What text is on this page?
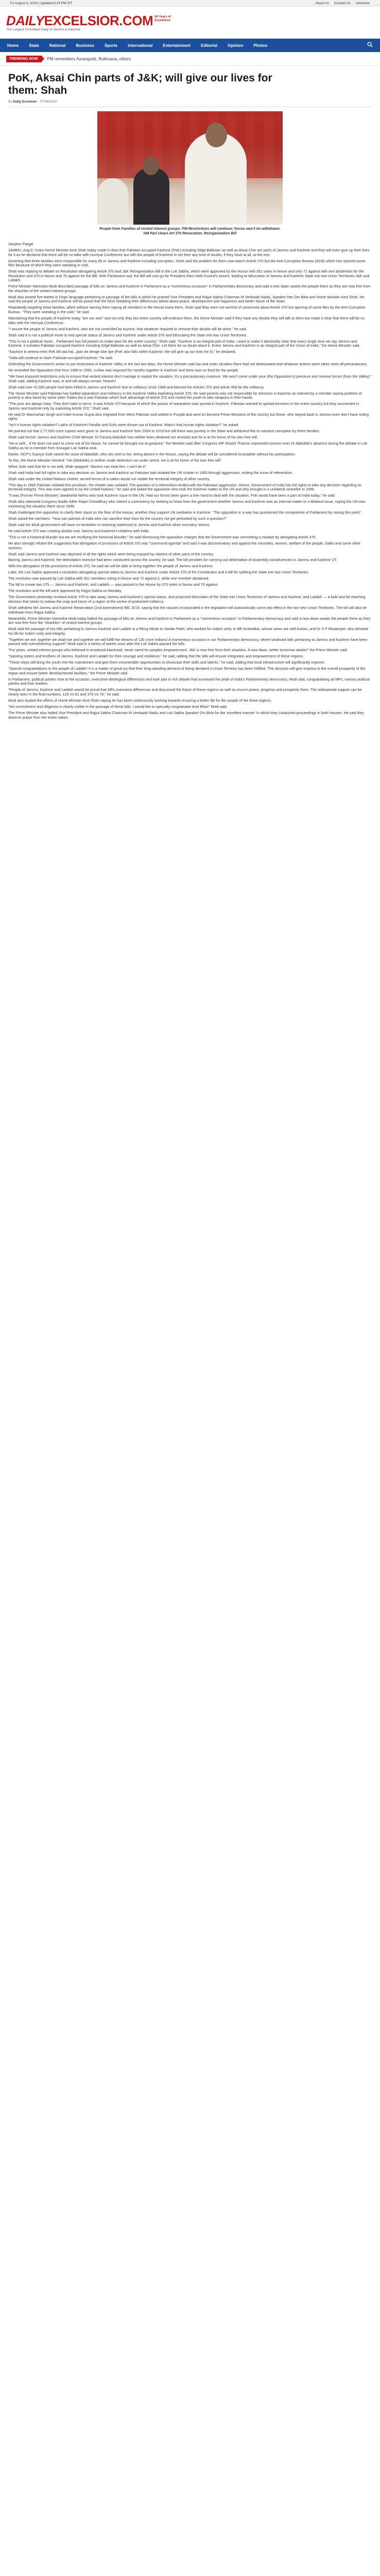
Fri August 9, 2019 | Updated 6:24 PM IST	About Us Contact Us Advertise
DAILYEXCELSIOR.COM 54 Years of Excellence
The Largest Circulated Daily of Jammu & Kashmir
Home	State	National	Business	Sports	International	Entertainment	Editorial	Opinion	Photos
TRENDING NOW	PM remembers Aurangzeb, Rukhsana, others
PoK, Aksai Chin parts of J&K; will give our lives for them: Shah
By Daily Excelsior - 07/08/2019
People from Families of vested interest groups: PM Restrictions will continue; forces won't be withdrawn: HM Parl clears Art 370 Revocation, Reorganization Bill

Sanjeev Pargal

JAMMU, Aug 6: Union Home Minister Amit Shah today made it clear that Pakistan occupied Kashmir (PoK) including Gilgit-Baltistan as well as Aksai Chin are parts of Jammu and Kashmir and they will even give up their lives for it as he declared that there will be no talks with Hurriyat Conference but with the people of Kashmir to set their any kind of doubts, if they have at all, at the rest.

Asserting that three families were responsible for many ills in Jammu and Kashmir including corruption, Shah said the problem for them now wasn't Article 370 but the Anti-Corruption Bureau (ACB) which has opened some files because of which they were sweating in cold.

Shah was replying to debate on Resolution abrogating Article 370 and J&K Reorganization Bill in the Lok Sabha, which were approved by the House with 351 votes in favour and only 72 against with one abstention for the Resolution and 370 in favour and 70 against for the Bill. With Parliament nod, the Bill will now go for President Ram Nath Kovind's assent, leading to bifurcation of Jammu and Kashmir State into two Union Territories-J&K and Ladakh.

Prime Minister Narendra Modi described passage of bills on Jammu and Kashmir in Parliament as a "momentous occasion" in Parliamentary democracy and said a new dawn awaits the people there as they are now free from the shackles of the vested interest groups.

Modi also posted five tweets in Dogri language pertaining to passage of the bills in which he praised Vice President and Rajya Sabha Chairman M Venkaiah Naidu, Speaker Har Om Birla and Home Minister Amit Shah. He said the people of Jammu and Kashmir will be proud that the NDA shedding their differences talked about peace, development and happiness and better future of the State.

Repeatedly targeting three families, albeit without naming them saying all members in the House knew them, Shah said they were not worried of concerned about Article 370 but opening of some files by the Anti-Corruption Bureau. "They were sweating in the cold," he said.

Maintaining that the people of Kashmir today "are our own" and not only they but entire country will embrace them, the Home Minister said if they have any doubts they will talk to them but made it clear that there will be no talks with the Hurriyat Conference.

"I assure the people of Jammu and Kashmir, who are not controlled by anyone, that whatever required to remove their doubts will be done," he said.

Shah said it is not a political move to end special status of Jammu and Kashmir under Article 370 and bifurcating the State into two Union Territories.

"This is not a political move... Parliament has full powers to make laws for the entire country," Shah said. "Kashmir is an integral part of India. I want to make it absolutely clear that every single time we say Jammu and Kashmir, it includes Pakistan occupied Kashmir including Gilgit Baltistan as well as Aksai Chin. Let there be no doubt about it. Entire Jammu and Kashmir is an integral part of the Union of India," the Home Minister said.

"Kashmir ki seema mein PoK bhi ata hai...jaan de denge iske liye (PoK also falls within Kashmir. We will give up our lives for it)," he declared.

"India will continue to claim Pakistan-occupied Kashmir," he said.

Defending the Government's action to put restrictions in Kashmir Valley in the last two days, the Home Minister said law and order situation there had not deteriorated and whatever actions were taken were all precautionary.

He reminded the Opposition that from 1989 to 1995, curfew was imposed for months together in Kashmir and there was no food for the people.

"We have imposed restrictions only to ensure that vested interest don't manage to exploit the situation. It's a precautionary measure. We won't come under your (the Opposition's) pressure and remove forces (from the Valley)," Shah said, adding Kashmir was, is and will always remain 'heaven'.

Shah said over 41,500 people had been killed in Jammu and Kashmir due to militancy since 1989 and blamed the Articles 370 and article 35A for the militancy.

The Home Minister said Pakistan has fuelled separatism and militancy in the Kashmir Valley exploiting Article 370. He said poverty was not responsible for terrorism in Kashmir as claimed by a member saying problem of poverty is also faced by some other States but it was Pakistan which took advantage of Article 370 and misled the youth to take weapons in their hands.

"The poor are always harp. They don't take to terror. It was Article 370 because of which the poison of separatism was spread in Kashmir. Pakistan wanted to spread terrorism in the entire country but they succeeded in Jammu and Kashmir only by exploiting Article 370," Shah said.

He said Dr Manmohan Singh and Inder Kumar Gujral also migrated from West Pakistan and settled in Punjab and went on become Prime Ministers of the country but those, who stayed back in Jammu even don't have voting rights.

"Isn't it human rights violation? Lakhs of Kashmiri Pandits and Sufis were thrown out of Kashmir. Wasn't that human rights violation?" he asked.

He pointed out that 2,77,000 crore rupees were given to Jammu and Kashmir from 2004 to 2019 but still there was poverty in the State and attributed this to massive corruption by three families.

Shah said former Jammu and Kashmir Chief Minister Dr Farooq Abdullah has neither been detained nor arrested and he is at his home of his own free will.

"He is well... If he does not want to come out of his house, he cannot be brought out at gunpoint," the Minister said after Congress MP Shashi Tharoor expressed concern over Dr Abdullah's absence during the debate in Lok Sabha as he is member from Srinagar Lok Sabha seat.

Earlier, NCP's Supriya Sule raised the issue of Abdullah, who sits next to her, being absent in the House, saying the debate will be considered incomplete without his participation.

To this, the Home Minister retorted: "He (Abdullah) is neither under detention nor under arrest. He is at his home of his own free will".

When Sule said that he is not well, Shah quipped: "doctors can treat him, I can't do it".

Shah said India had full rights to take any decision on Jammu and Kashmir as Pakistan had violated the UN charter in 1965 through aggression, ending the issue of referendum.

Shah said under the United Nations charter, armed forces of a nation would not violate the territorial integrity of other country.

"The day in 1965 Pakistan violated this provision, the charter was violated. The question of a referendum ended with the Pakistani aggression. Hence, Government of India has full rights to take any decision regarding its territorial integrity. This was even agreed to by the United Nations," he said and asked the opposition who took the Kashmir matter to the UN and why brought in a unilateral ceasefire in 1948.

"It was (Former Prime Minister) Jawaharlal Nehru who took Kashmir issue to the UN. Had our forces been given a free hand to deal with the situation, PoK would have been a part of India today," he said.

Shah also slammed Congress leader Adhir Rajan Chowdhury who stoked a controversy by seeking to know from the government whether Jammu and Kashmir was an internal matter or a bilateral issue, saying the UN was monitoring the situation there since 1948.

Shah challenged the opposition to clarify their stand on the floor of the House, whether they support UN mediation in Kashmir. "The opposition in a way has questioned the competence of Parliament by raising this point".

Shah asked the members. "How can patriots of India who can sacrifice their lives for the country not get perturbed by such a question?"

Shah said the Modi government will have no hesitation in restoring statehood to Jammu and Kashmir when normalcy returns.

He said Article 370 was creating doubts over Jammu and Kashmir's relations with India.

"This is not a historical blunder but we are rectifying the historical blunder," he said dismissing the opposition charges that the Government was committing a mistake by abrogating Article 370.

He also strongly refuted the suggestion that abrogation of provisions of Article 370 was "communal agenda" and said it was discriminatory and against the minorities, women, welfare of the people, Dalits and some other sections.

Shah said Jammu and Kashmir was deprived of all the rights which were being enjoyed by citizens of other parts of the country.

Barring Jammu and Kashmir, the delimitation exercise had been conducted across the country, he said. The bill provides for carrying out delimitation of Assembly constituencies in Jammu and Kashmir UT.

With the abrogation of the provisions of Article 370, he said we will be able to bring together the people of Jammu and Kashmir.

Later, the Lok Sabha approved a resolution abrogating special status to Jammu and Kashmir under Article 370 of the Constitution and a bill for splitting the State into two Union Territories.

The resolution was passed by Lok Sabha with 351 members voting in favour and 72 against it, while one member abstained.

The bill to create two UTs — Jammu and Kashmir, and Ladakh — was passed in the House by 370 votes in favour and 70 against.

The resolution and the bill were approved by Rajya Sabha on Monday.

The Government yesterday revoked Article 370 to take away Jammu and Kashmir's special status, and proposed bifurcation of the State into Union Territories of Jammu and Kashmir, and Ladakh — a bold and far-reaching decision that seeks to redraw the map and future of a region at the centre of protracted militancy.

Shah withdrew the Jammu and Kashmir Reservation (2nd Amendment) Bill, 2019, saying that the clauses incorporated in the legislation will automatically come into effect in the two new Union Territories. The bill will also be withdrawn from Rajya Sabha.

Meanwhile, Prime Minister Narendra Modi today hailed the passage of bills on Jammu and Kashmir in Parliament as a "momentous occasion" in Parliamentary democracy and said a new dawn awaits the people there as they are now free from the "shackles" of vested interest groups.

Modi said the passage of key bills pertaining to Jammu Kashmir and Ladakh is a fitting tribute to Sardar Patel, who worked for India's unity, to BR Ambedkar, whose views are well known, and Dr S P Mookerjee, who devoted his life for India's unity and integrity.

"Together we are, together we shall rise and together we will fulfill the dreams of 130 crore Indians! A momentous occasion in our Parliamentary democracy, where landmark bills pertaining to Jammu and Kashmir have been passed with overwhelming support!" Modi said in a series of tweets soon after the Lok Sabha passed the bills.

"For years, vested interest groups who believed in emotional blackmail, never cared for peoples empowerment. J&K is now free from their shackles. A new dawn, better tomorrow awaits!" the Prime Minister said.

"Saluting sisters and brothers of Jammu, Kashmir and Ladakh for their courage and resilience," he said, adding that the bills will ensure integration and empowerment of these regions.

"These steps will bring the youth into the mainstream and give them innumerable opportunities to showcase their skills and talents," he said, adding that local infrastructure will significantly improve.

"Special congratulations to the people of Ladakh! It is a matter of great joy that their long-standing demand of being declared a Union Territory has been fulfilled. This decision will give impetus to the overall prosperity of the region and ensure better developmental facilities," the Prime Minister said.

In Parliament, political parties rose to the occasion, overcame ideological differences and took part in rich debate that increased the pride of India's Parliamentary democracy, Modi said, congratulating all MPs, various political parties and their leaders.

"People of Jammu, Kashmir and Ladakh would be proud that MPs overcame differences and discussed the future of these regions as well as ensure peace, progress and prosperity there. The widespread support can be clearly seen in the final numbers, 125 Vs 61 and 370 Vs 70," he said.

Modi also lauded the efforts of Home Minister Amit Shah saying he has been continuously working towards ensuring a better life for the people of the three regions.

"His commitment and diligence is clearly visible in the passage of these bills. I would like to specially congratulate Amit Bhai!" Modi said.

The Prime Minister also hailed Vice President and Rajya Sabha Chairman M Venkaiah Naidu and Lok Sabha Speaker Om Birla for the 'excellent manner' in which they conducted proceedings in both Houses. He said they deserve praise from the entire nation.
